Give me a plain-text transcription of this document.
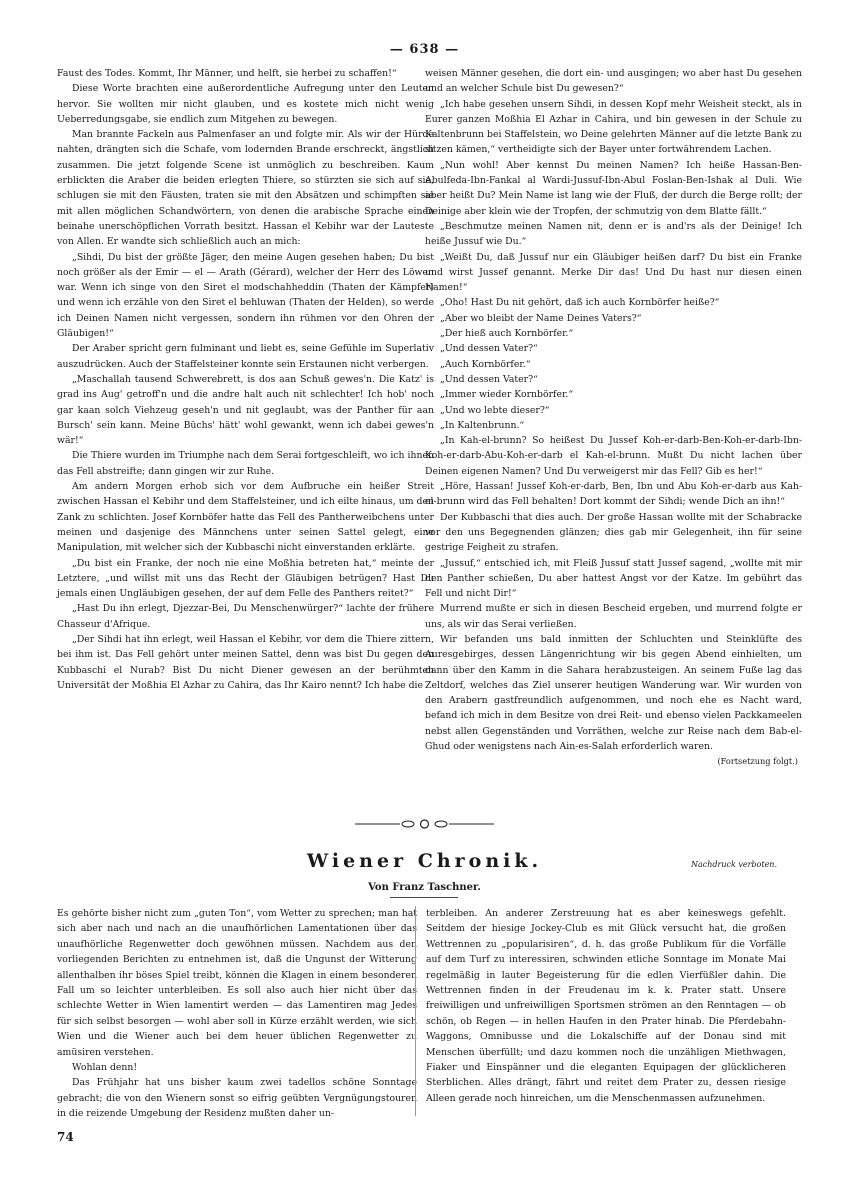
— 638 —

Faust des Todes. Kommt, Ihr Männer, und helft, sie herbei zu schaffen!“

Diese Worte brachten eine außerordentliche Aufregung unter den Leuten hervor. Sie wollten mir nicht glauben, und es kostete mich nicht wenig Ueberredungsgabe, sie endlich zum Mitgehen zu bewegen.

Man brannte Fackeln aus Palmenfaser an und folgte mir. Als wir der Hürde nahten, drängten sich die Schafe, vom lodernden Brande erschreckt, ängstlich zusammen. Die jetzt folgende Scene ist unmöglich zu beschreiben. Kaum erblickten die Araber die beiden erlegten Thiere, so stürzten sie sich auf sie, schlugen sie mit den Fäusten, traten sie mit den Absätzen und schimpften sie mit allen möglichen Schandwörtern, von denen die arabische Sprache einen beinahe unerschöpflichen Vorrath besitzt. Hassan el Kebihr war der Lauteste von Allen. Er wandte sich schließlich auch an mich:

„Sihdi, Du bist der größte Jäger, den meine Augen gesehen haben; Du bist noch größer als der Emir — el — Arath (Gérard), welcher der Herr des Löwen war. Wenn ich singe von den Siret el modschahheddin (Thaten der Kämpfer) und wenn ich erzähle von den Siret el behluwan (Thaten der Helden), so werde ich Deinen Namen nicht vergessen, sondern ihn rühmen vor den Ohren der Gläubigen!“

Der Araber spricht gern fulminant und liebt es, seine Gefühle im Superlativ auszudrücken. Auch der Staffelsteiner konnte sein Erstaunen nicht verbergen.

„Maschallah tausend Schwerebrett, is dos aan Schuß gewes'n. Die Katz' is grad ins Aug' getroff'n und die andre halt auch nit schlechter! Ich hob' noch gar kaan solch Viehzeug geseh'n und nit geglaubt, was der Panther für aan Bursch' sein kann. Meine Büchs' hätt' wohl gewankt, wenn ich dabei gewes'n wär!“

Die Thiere wurden im Triumphe nach dem Serai fortgeschleift, wo ich ihnen das Fell abstreifte; dann gingen wir zur Ruhe.

Am andern Morgen erhob sich vor dem Aufbruche ein heißer Streit zwischen Hassan el Kebihr und dem Staffelsteiner, und ich eilte hinaus, um den Zank zu schlichten. Josef Kornböfer hatte das Fell des Pantherweibchens unter meinen und dasjenige des Männchens unter seinen Sattel gelegt, eine Manipulation, mit welcher sich der Kubbaschi nicht einverstanden erklärte.

„Du bist ein Franke, der noch nie eine Moßhia betreten hat,“ meinte der Letztere, „und willst mit uns das Recht der Gläubigen betrügen? Hast Du jemals einen Ungläubigen gesehen, der auf dem Felle des Panthers reitet?“

„Hast Du ihn erlegt, Djezzar-Bei, Du Menschenwürger?“ lachte der frühere Chasseur d'Afrique.

„Der Sihdi hat ihn erlegt, weil Hassan el Kebihr, vor dem die Thiere zittern, bei ihm ist. Das Fell gehört unter meinen Sattel, denn was bist Du gegen den Kubbaschi el Nurab? Bist Du nicht Diener gewesen an der berühmten Universität der Moßhia El Azhar zu Cahira, das Ihr Kairo nennt? Ich habe die

weisen Männer gesehen, die dort ein- und ausgingen; wo aber hast Du gesehen und an welcher Schule bist Du gewesen?“

„Ich habe gesehen unsern Sihdi, in dessen Kopf mehr Weisheit steckt, als in Eurer ganzen Moßhia El Azhar in Cahira, und bin gewesen in der Schule zu Kaltenbrunn bei Staffelstein, wo Deine gelehrten Männer auf die letzte Bank zu sitzen kämen,“ vertheidigte sich der Bayer unter fortwährendem Lachen.

„Nun wohl! Aber kennst Du meinen Namen? Ich heiße Hassan-Ben-Abulfeda-Ibn-Fankal al Wardi-Jussuf-Ibn-Abul Foslan-Ben-Ishak al Duli. Wie aber heißt Du? Mein Name ist lang wie der Fluß, der durch die Berge rollt; der Deinige aber klein wie der Tropfen, der schmutzig von dem Blatte fällt.“

„Beschmutze meinen Namen nit, denn er is and'rs als der Deinige! Ich heiße Jussuf wie Du.“

„Weißt Du, daß Jussuf nur ein Gläubiger heißen darf? Du bist ein Franke und wirst Jussef genannt. Merke Dir das! Und Du hast nur diesen einen Namen!“

„Oho! Hast Du nit gehört, daß ich auch Kornbörfer heiße?“

„Aber wo bleibt der Name Deines Vaters?“

„Der hieß auch Kornbörfer.“

„Und dessen Vater?“

„Auch Kornbörfer.“

„Und dessen Vater?“

„Immer wieder Kornbörfer.“

„Und wo lebte dieser?“

„In Kaltenbrunn.“

„In Kah-el-brunn? So heißest Du Jussef Koh-er-darb-Ben-Koh-er-darb-Ibn-Koh-er-darb-Abu-Koh-er-darb el Kah-el-brunn. Mußt Du nicht lachen über Deinen eigenen Namen? Und Du verweigerst mir das Fell? Gib es her!“

„Höre, Hassan! Jussef Koh-er-darb, Ben, Ibn und Abu Koh-er-darb aus Kah-el-brunn wird das Fell behalten! Dort kommt der Sihdi; wende Dich an ihn!“

Der Kubbaschi that dies auch. Der große Hassan wollte mit der Schabracke vor den uns Begegnenden glänzen; dies gab mir Gelegenheit, ihn für seine gestrige Feigheit zu strafen.

„Jussuf,“ entschied ich, mit Fleiß Jussuf statt Jussef sagend, „wollte mit mir den Panther schießen, Du aber hattest Angst vor der Katze. Im gebührt das Fell und nicht Dir!“

Murrend mußte er sich in diesen Bescheid ergeben, und murrend folgte er uns, als wir das Serai verließen.

Wir befanden uns bald inmitten der Schluchten und Steinklüfte des Auresgebirges, dessen Längenrichtung wir bis gegen Abend einhielten, um dann über den Kamm in die Sahara herabzusteigen. An seinem Fuße lag das Zeltdorf, welches das Ziel unserer heutigen Wanderung war. Wir wurden von den Arabern gastfreundlich aufgenommen, und noch ehe es Nacht ward, befand ich mich in dem Besitze von drei Reit- und ebenso vielen Packkameelen nebst allen Gegenständen und Vorräthen, welche zur Reise nach dem Bab-el-Ghud oder wenigstens nach Ain-es-Salah erforderlich waren.

(Fortsetzung folgt.)

Wiener Chronik.	Nachdruck verboten.
Von Franz Taschner.

Es gehörte bisher nicht zum „guten Ton“, vom Wetter zu sprechen; man hat sich aber nach und nach an die unaufhörlichen Lamentationen über das unaufhörliche Regenwetter doch gewöhnen müssen. Nachdem aus den vorliegenden Berichten zu entnehmen ist, daß die Ungunst der Witterung allenthalben ihr böses Spiel treibt, können die Klagen in einem besonderen Fall um so leichter unterbleiben. Es soll also auch hier nicht über das schlechte Wetter in Wien lamentirt werden — das Lamentiren mag Jedes für sich selbst besorgen — wohl aber soll in Kürze erzählt werden, wie sich Wien und die Wiener auch bei dem heuer üblichen Regenwetter zu amüsiren verstehen.

Wohlan denn!

Das Frühjahr hat uns bisher kaum zwei tadellos schöne Sonntage gebracht; die von den Wienern sonst so eifrig geübten Vergnügungstouren in die reizende Umgebung der Residenz mußten daher un-

terbleiben. An anderer Zerstreuung hat es aber keineswegs gefehlt. Seitdem der hiesige Jockey-Club es mit Glück versucht hat, die großen Wettrennen zu „popularisiren“, d. h. das große Publikum für die Vorfälle auf dem Turf zu interessiren, schwinden etliche Sonntage im Monate Mai regelmäßig in lauter Begeisterung für die edlen Vierfüßler dahin. Die Wettrennen finden in der Freudenau im k. k. Prater statt. Unsere freiwilligen und unfreiwilligen Sportsmen strömen an den Renntagen — ob schön, ob Regen — in hellen Haufen in den Prater hinab. Die Pferdebahn-Waggons, Omnibusse und die Lokalschiffe auf der Donau sind mit Menschen überfüllt; und dazu kommen noch die unzähligen Miethwagen, Fiaker und Einspänner und die eleganten Equipagen der glücklicheren Sterblichen. Alles drängt, fährt und reitet dem Prater zu, dessen riesige Alleen gerade noch hinreichen, um die Menschenmassen aufzunehmen.

74
